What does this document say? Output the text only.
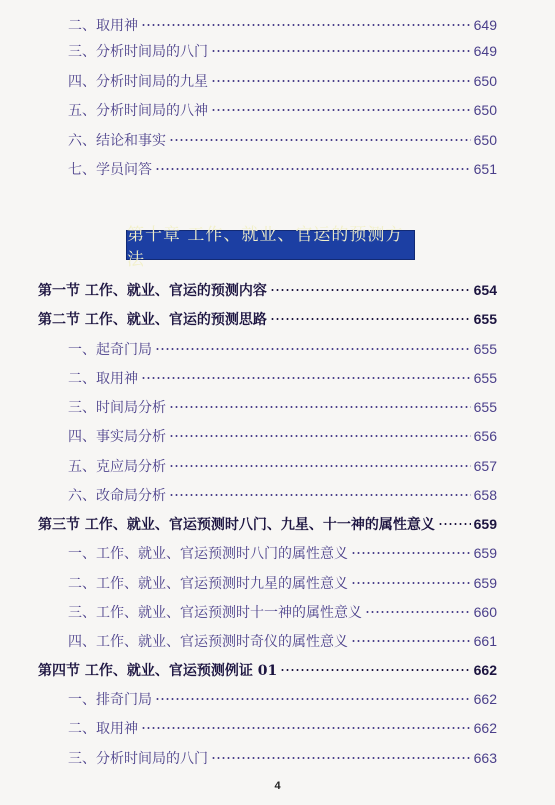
二、取用神	649
三、分析时间局的八门	649
四、分析时间局的九星	650
五、分析时间局的八神	650
六、结论和事实	650
七、学员问答	651
第十章 工作、就业、官运的预测方法
第一节 工作、就业、官运的预测内容	654
第二节 工作、就业、官运的预测思路	655
一、起奇门局	655
二、取用神	655
三、时间局分析	655
四、事实局分析	656
五、克应局分析	657
六、改命局分析	658
第三节 工作、就业、官运预测时八门、九星、十一神的属性意义	659
一、工作、就业、官运预测时八门的属性意义	659
二、工作、就业、官运预测时九星的属性意义	659
三、工作、就业、官运预测时十一神的属性意义	660
四、工作、就业、官运预测时奇仪的属性意义	661
第四节 工作、就业、官运预测例证 01	662
一、排奇门局	662
二、取用神	662
三、分析时间局的八门	663
4
